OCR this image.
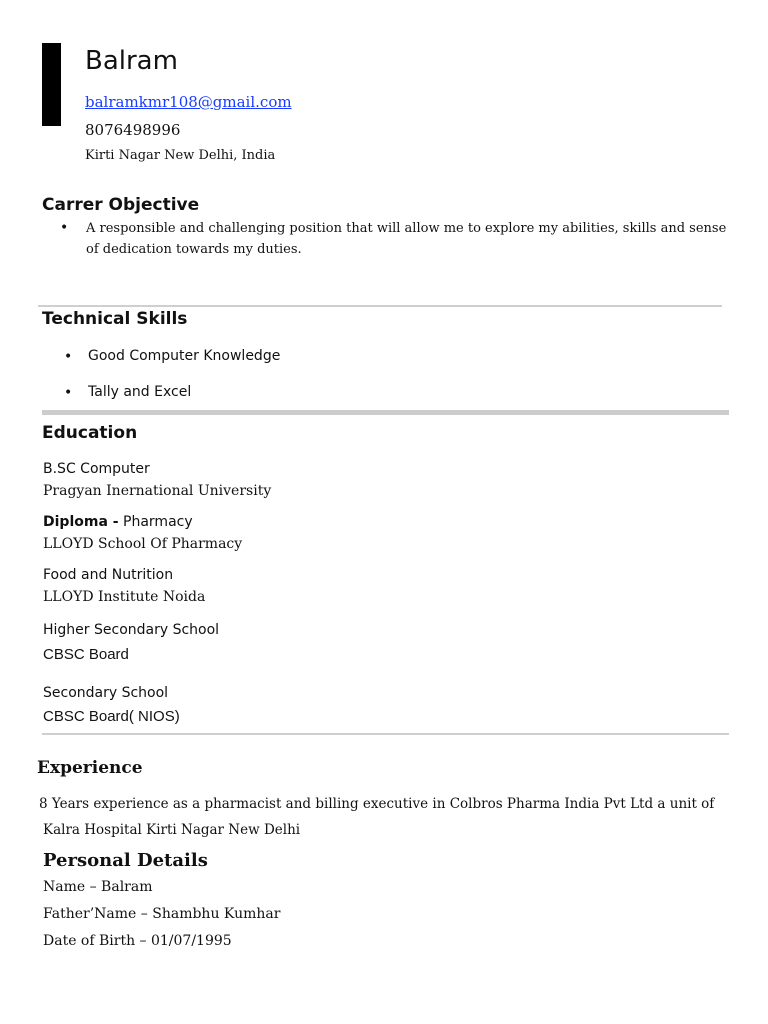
Balram
balramkmr108@gmail.com
8076498996
Kirti Nagar New Delhi, India
Carrer Objective
• A responsible and challenging position that will allow me to explore my abilities, skills and sense of dedication towards my duties.
Technical Skills
• Good Computer Knowledge
• Tally and Excel
Education
B.SC Computer
Pragyan Inernational University
Diploma - Pharmacy
LLOYD School Of Pharmacy
Food and Nutrition
LLOYD Institute Noida
Higher Secondary School
CBSC Board
Secondary School
CBSC Board( NIOS)
Experience
8 Years experience as a pharmacist and billing executive in Colbros Pharma India Pvt Ltd a unit of
Kalra Hospital Kirti Nagar New Delhi
Personal Details
Name – Balram
Father’Name – Shambhu Kumhar
Date of Birth – 01/07/1995
